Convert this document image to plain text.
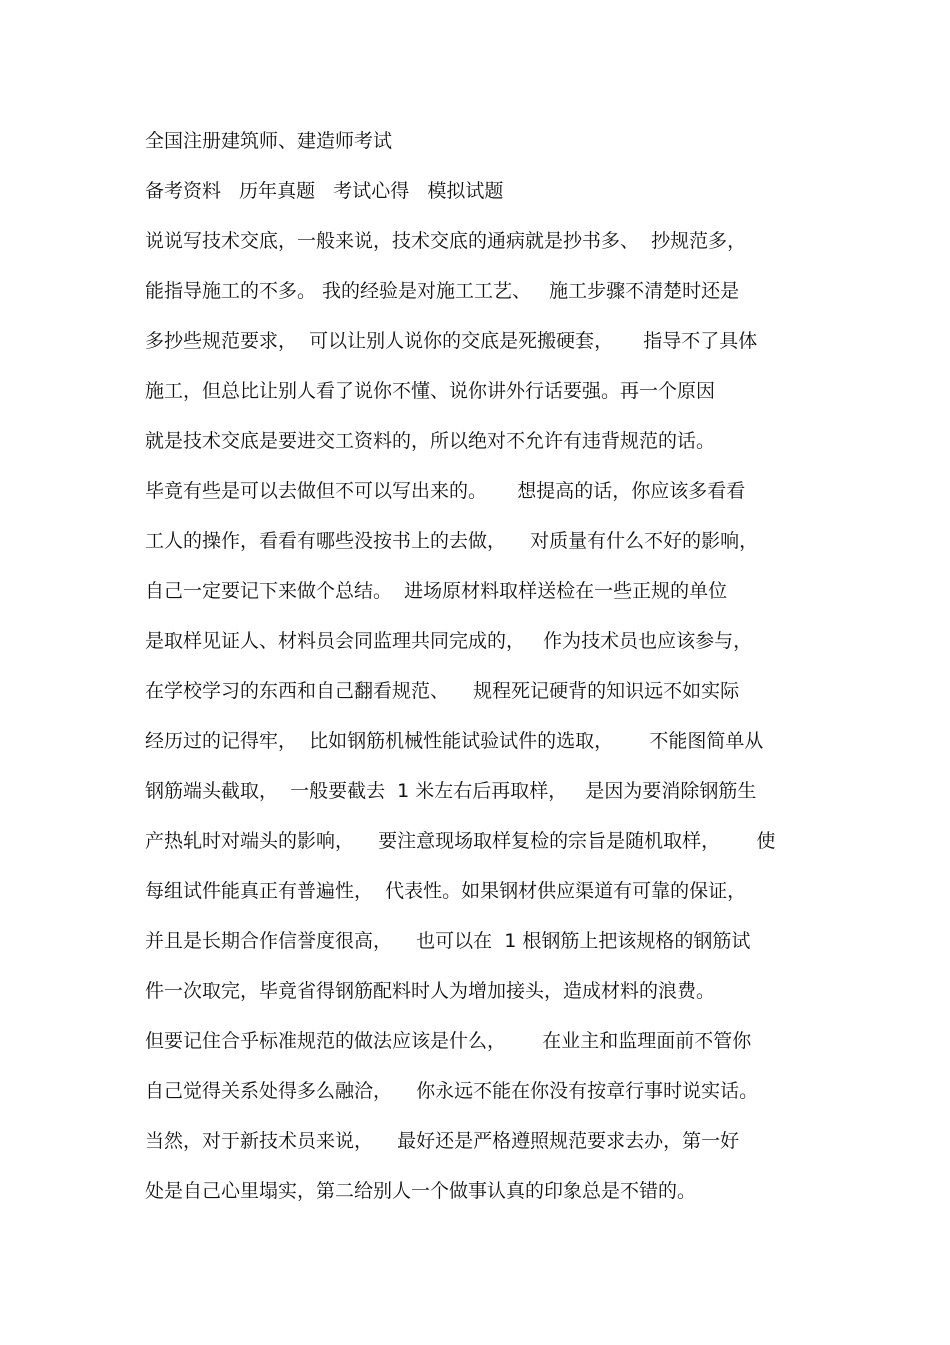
全国注册建筑师、建造师考试
备考资料   历年真题   考试心得   模拟试题
说说写技术交底，一般来说，技术交底的通病就是抄书多、  抄规范多，
能指导施工的不多。 我的经验是对施工工艺、   施工步骤不清楚时还是
多抄些规范要求，  可以让别人说你的交底是死搬硬套，     指导不了具体
施工，但总比让别人看了说你不懂、说你讲外行话要强。再一个原因
就是技术交底是要进交工资料的，所以绝对不允许有违背规范的话。
毕竟有些是可以去做但不可以写出来的。     想提高的话，你应该多看看
工人的操作，看看有哪些没按书上的去做，    对质量有什么不好的影响，
自己一定要记下来做个总结。  进场原材料取样送检在一些正规的单位
是取样见证人、材料员会同监理共同完成的，   作为技术员也应该参与，
在学校学习的东西和自己翻看规范、    规程死记硬背的知识远不如实际
经历过的记得牢，  比如钢筋机械性能试验试件的选取，      不能图简单从
钢筋端头截取，  一般要截去  1 米左右后再取样，   是因为要消除钢筋生
产热轧时对端头的影响，    要注意现场取样复检的宗旨是随机取样，      使
每组试件能真正有普遍性，  代表性。如果钢材供应渠道有可靠的保证，
并且是长期合作信誉度很高，    也可以在  1 根钢筋上把该规格的钢筋试
件一次取完，毕竟省得钢筋配料时人为增加接头，造成材料的浪费。
但要记住合乎标准规范的做法应该是什么，      在业主和监理面前不管你
自己觉得关系处得多么融洽，    你永远不能在你没有按章行事时说实话。
当然，对于新技术员来说，    最好还是严格遵照规范要求去办，第一好
处是自己心里塌实，第二给别人一个做事认真的印象总是不错的。
